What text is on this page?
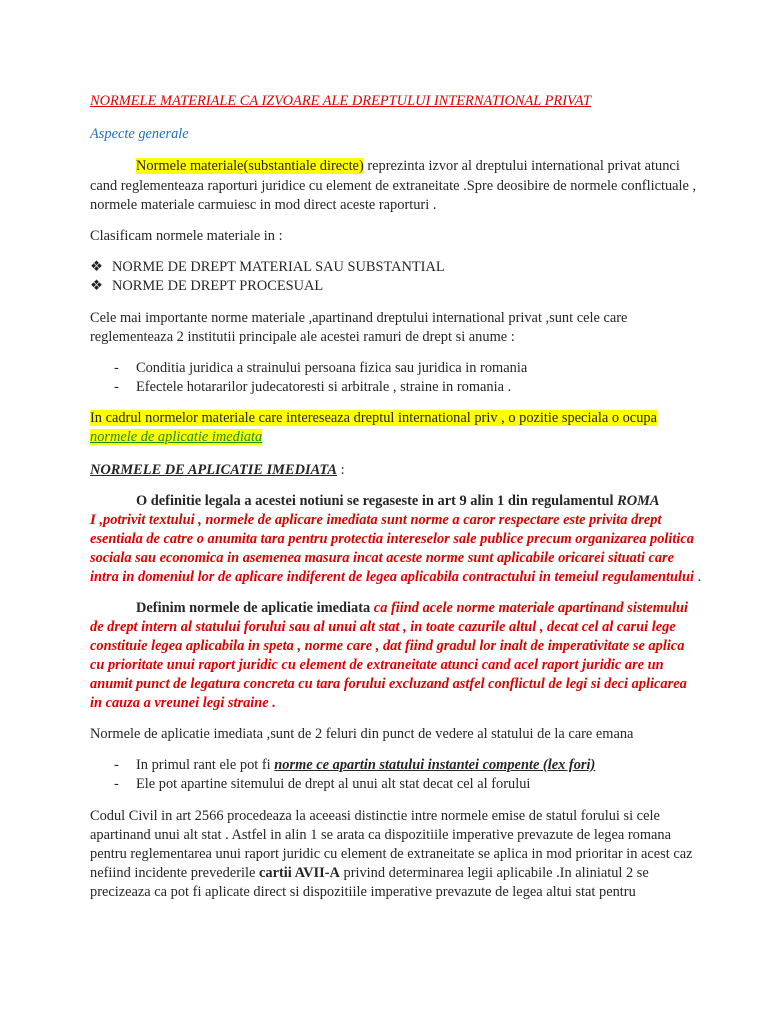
NORMELE MATERIALE CA IZVOARE ALE DREPTULUI INTERNATIONAL PRIVAT

Aspecte generale

Normele materiale(substantiale directe) reprezinta izvor al dreptului international privat atunci

cand reglementeaza raporturi juridice cu element de extraneitate .Spre deosibire de normele conflictuale ,

normele materiale carmuiesc in mod direct aceste raporturi .

Clasificam normele materiale in :

❖ NORME DE DREPT MATERIAL SAU SUBSTANTIAL

❖ NORME DE DREPT PROCESUAL

Cele mai importante norme materiale ,apartinand dreptului international privat ,sunt cele care

reglementeaza 2 institutii principale ale acestei ramuri de drept si anume :

- Conditia juridica a strainului persoana fizica sau juridica in romania

- Efectele hotararilor judecatoresti si arbitrale , straine in romania .

In cadrul normelor materiale care intereseaza dreptul international priv , o pozitie speciala o ocupa

normele de aplicatie imediata

NORMELE DE APLICATIE IMEDIATA :

O definitie legala a acestei notiuni se regaseste in art 9 alin 1 din regulamentul ROMA

I ,potrivit textului , normele de aplicare imediata sunt norme a caror respectare este privita drept

esentiala de catre o anumita tara pentru protectia intereselor sale publice precum organizarea politica

sociala sau economica in asemenea masura incat aceste norme sunt aplicabile oricarei situati care

intra in domeniul lor de aplicare indiferent de legea aplicabila contractului in temeiul regulamentului .

Definim normele de aplicatie imediata ca fiind acele norme materiale apartinand sistemului

de drept intern al statului forului sau al unui alt stat , in toate cazurile altul , decat cel al carui lege

constituie legea aplicabila in speta , norme care , dat fiind gradul lor inalt de imperativitate se aplica

cu prioritate unui raport juridic cu element de extraneitate atunci cand acel raport juridic are un

anumit punct de legatura concreta cu tara forului excluzand astfel conflictul de legi si deci aplicarea

in cauza a vreunei legi straine .

Normele de aplicatie imediata ,sunt de 2 feluri din punct de vedere al statului de la care emana

- In primul rant ele pot fi norme ce apartin statului instantei compente (lex fori)

- Ele pot apartine sitemului de drept al unui alt stat decat cel al forului

Codul Civil in art 2566 procedeaza la aceeasi distinctie intre normele emise de statul forului si cele

apartinand unui alt stat . Astfel in alin 1 se arata ca dispozitiile imperative prevazute de legea romana

pentru reglementarea unui raport juridic cu element de extraneitate se aplica in mod prioritar in acest caz

nefiind incidente prevederile cartii AVII-A privind determinarea legii aplicabile .In aliniatul 2 se

precizeaza ca pot fi aplicate direct si dispozitiile imperative prevazute de legea altui stat pentru
